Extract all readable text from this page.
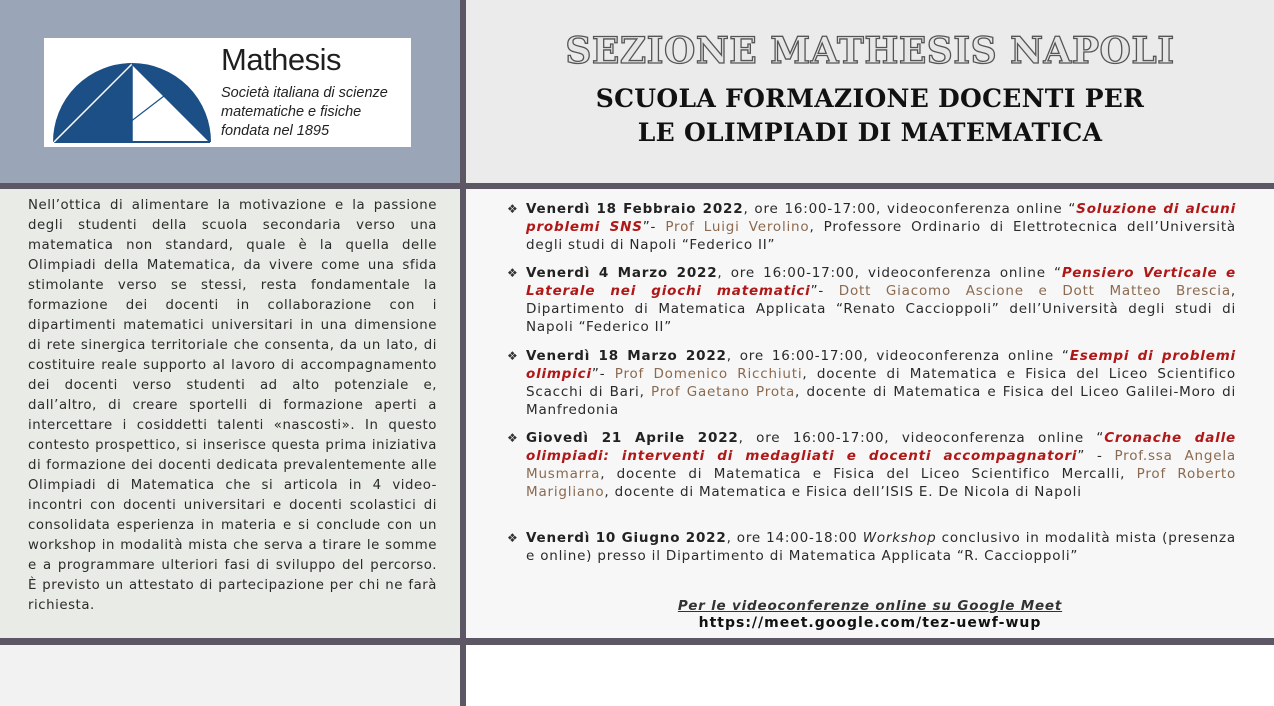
Mathesis
Società italiana di scienze
matematiche e fisiche
fondata nel 1895
SEZIONE MATHESIS NAPOLI
SCUOLA FORMAZIONE DOCENTI PER
LE OLIMPIADI DI MATEMATICA
Nell’ottica di alimentare la motivazione e la passione degli studenti della scuola secondaria verso una matematica non standard, quale è la quella delle Olimpiadi della Matematica, da vivere come una sfida stimolante verso se stessi, resta fondamentale la formazione dei docenti in collaborazione con i dipartimenti matematici universitari in una dimensione di rete sinergica territoriale che consenta, da un lato, di costituire reale supporto al lavoro di accompagnamento dei docenti verso studenti ad alto potenziale e, dall’altro, di creare sportelli di formazione aperti a intercettare i cosiddetti talenti «nascosti». In questo contesto prospettico, si inserisce questa prima iniziativa di formazione dei docenti dedicata prevalentemente alle Olimpiadi di Matematica che si articola in 4 video-incontri con docenti universitari e docenti scolastici di consolidata esperienza in materia e si conclude con un workshop in modalità mista che serva a tirare le somme e a programmare ulteriori fasi di sviluppo del percorso. È previsto un attestato di partecipazione per chi ne farà richiesta.
❖ Venerdì 18 Febbraio 2022, ore 16:00-17:00, videoconferenza online “Soluzione di alcuni problemi SNS”- Prof Luigi Verolino, Professore Ordinario di Elettrotecnica dell’Università degli studi di Napoli “Federico II”
❖ Venerdì 4 Marzo 2022, ore 16:00-17:00, videoconferenza online “Pensiero Verticale e Laterale nei giochi matematici”- Dott Giacomo Ascione e Dott Matteo Brescia, Dipartimento di Matematica Applicata “Renato Caccioppoli” dell’Università degli studi di Napoli “Federico II”
❖ Venerdì 18 Marzo 2022, ore 16:00-17:00, videoconferenza online “Esempi di problemi olimpici”- Prof Domenico Ricchiuti, docente di Matematica e Fisica del Liceo Scientifico Scacchi di Bari, Prof Gaetano Prota, docente di Matematica e Fisica del Liceo Galilei-Moro di Manfredonia
❖ Giovedì 21 Aprile 2022, ore 16:00-17:00, videoconferenza online “Cronache dalle olimpiadi: interventi di medagliati e docenti accompagnatori” - Prof.ssa Angela Musmarra, docente di Matematica e Fisica del Liceo Scientifico Mercalli, Prof Roberto Marigliano, docente di Matematica e Fisica dell’ISIS E. De Nicola di Napoli
❖ Venerdì 10 Giugno 2022, ore 14:00-18:00 Workshop conclusivo in modalità mista (presenza e online) presso il Dipartimento di Matematica Applicata “R. Caccioppoli”
Per le videoconferenze online su Google Meet
https://meet.google.com/tez-uewf-wup
